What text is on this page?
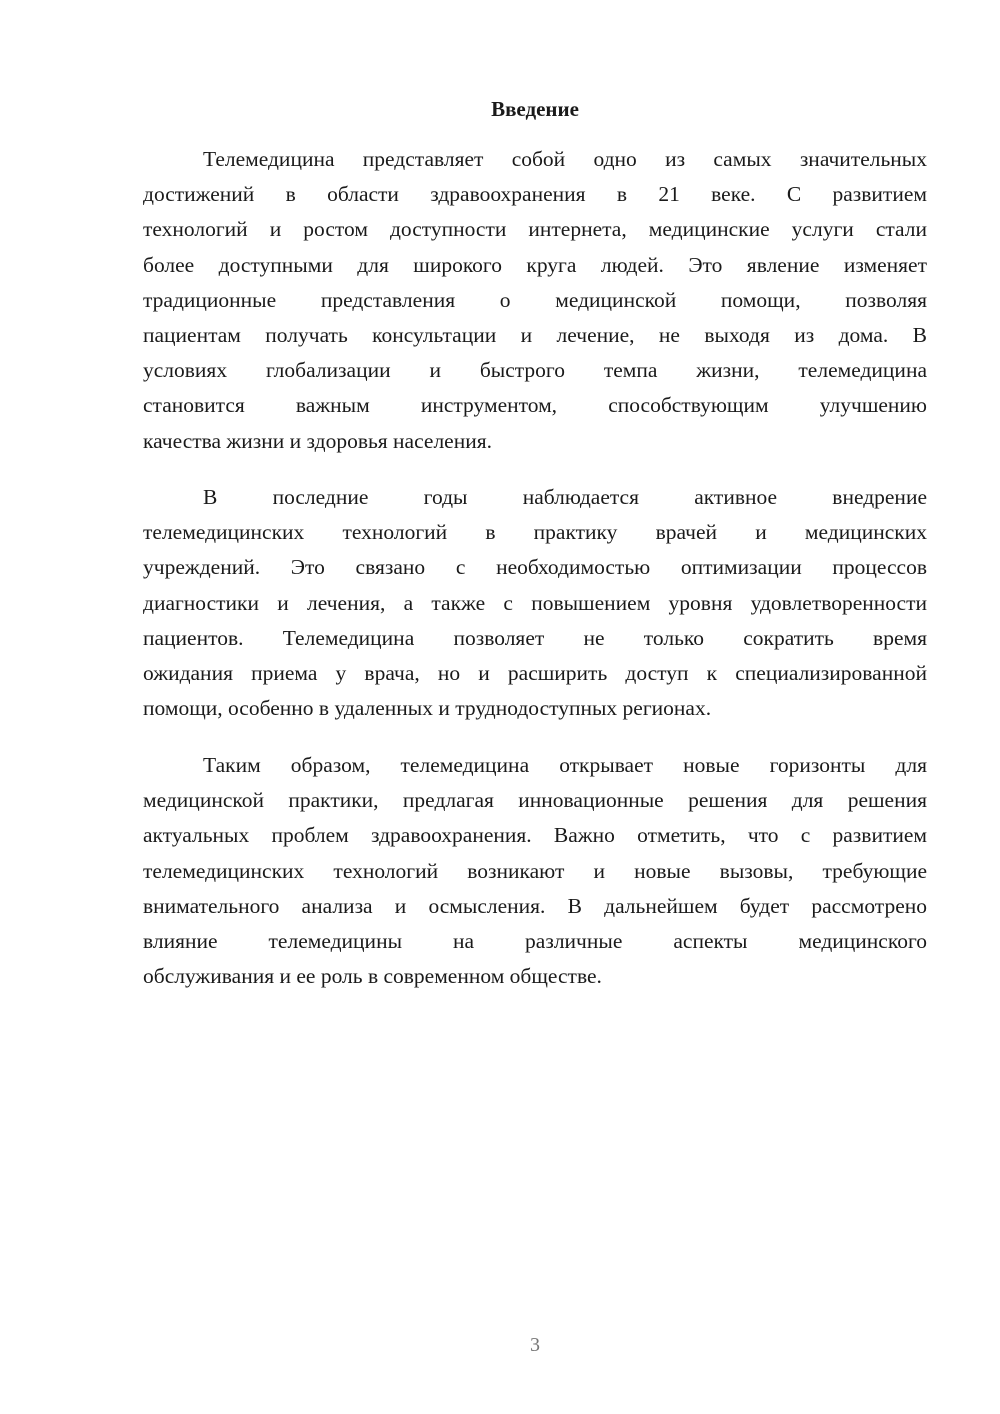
Введение
Телемедицина представляет собой одно из самых значительных
достижений в области здравоохранения в 21 веке. С развитием
технологий и ростом доступности интернета, медицинские услуги стали
более доступными для широкого круга людей. Это явление изменяет
традиционные представления о медицинской помощи, позволяя
пациентам получать консультации и лечение, не выходя из дома. В
условиях глобализации и быстрого темпа жизни, телемедицина
становится важным инструментом, способствующим улучшению
качества жизни и здоровья населения.
В последние годы наблюдается активное внедрение
телемедицинских технологий в практику врачей и медицинских
учреждений. Это связано с необходимостью оптимизации процессов
диагностики и лечения, а также с повышением уровня удовлетворенности
пациентов. Телемедицина позволяет не только сократить время
ожидания приема у врача, но и расширить доступ к специализированной
помощи, особенно в удаленных и труднодоступных регионах.
Таким образом, телемедицина открывает новые горизонты для
медицинской практики, предлагая инновационные решения для решения
актуальных проблем здравоохранения. Важно отметить, что с развитием
телемедицинских технологий возникают и новые вызовы, требующие
внимательного анализа и осмысления. В дальнейшем будет рассмотрено
влияние телемедицины на различные аспекты медицинского
обслуживания и ее роль в современном обществе.
3
